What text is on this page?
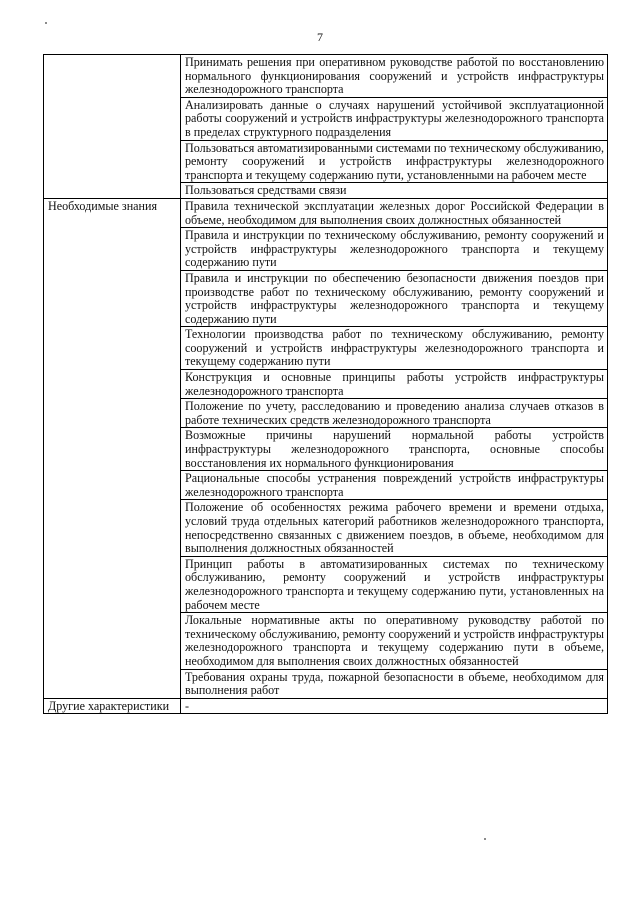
7
	Принимать решения при оперативном руководстве работой по восстановлению нормального функционирования сооружений и устройств инфраструктуры железнодорожного транспорта
	Анализировать данные о случаях нарушений устойчивой эксплуатационной работы сооружений и устройств инфраструктуры железнодорожного транспорта в пределах структурного подразделения
	Пользоваться автоматизированными системами по техническому обслуживанию, ремонту сооружений и устройств инфраструктуры железнодорожного транспорта и текущему содержанию пути, установленными на рабочем месте
	Пользоваться средствами связи
Необходимые знания	Правила технической эксплуатации железных дорог Российской Федерации в объеме, необходимом для выполнения своих должностных обязанностей
	Правила и инструкции по техническому обслуживанию, ремонту сооружений и устройств инфраструктуры железнодорожного транспорта и текущему содержанию пути
	Правила и инструкции по обеспечению безопасности движения поездов при производстве работ по техническому обслуживанию, ремонту сооружений и устройств инфраструктуры железнодорожного транспорта и текущему содержанию пути
	Технологии производства работ по техническому обслуживанию, ремонту сооружений и устройств инфраструктуры железнодорожного транспорта и текущему содержанию пути
	Конструкция и основные принципы работы устройств инфраструктуры железнодорожного транспорта
	Положение по учету, расследованию и проведению анализа случаев отказов в работе технических средств железнодорожного транспорта
	Возможные причины нарушений нормальной работы устройств инфраструктуры железнодорожного транспорта, основные способы восстановления их нормального функционирования
	Рациональные способы устранения повреждений устройств инфраструктуры железнодорожного транспорта
	Положение об особенностях режима рабочего времени и времени отдыха, условий труда отдельных категорий работников железнодорожного транспорта, непосредственно связанных с движением поездов, в объеме, необходимом для выполнения должностных обязанностей
	Принцип работы в автоматизированных системах по техническому обслуживанию, ремонту сооружений и устройств инфраструктуры железнодорожного транспорта и текущему содержанию пути, установленных на рабочем месте
	Локальные нормативные акты по оперативному руководству работой по техническому обслуживанию, ремонту сооружений и устройств инфраструктуры железнодорожного транспорта и текущему содержанию пути в объеме, необходимом для выполнения своих должностных обязанностей
	Требования охраны труда, пожарной безопасности в объеме, необходимом для выполнения работ
Другие характеристики	-
